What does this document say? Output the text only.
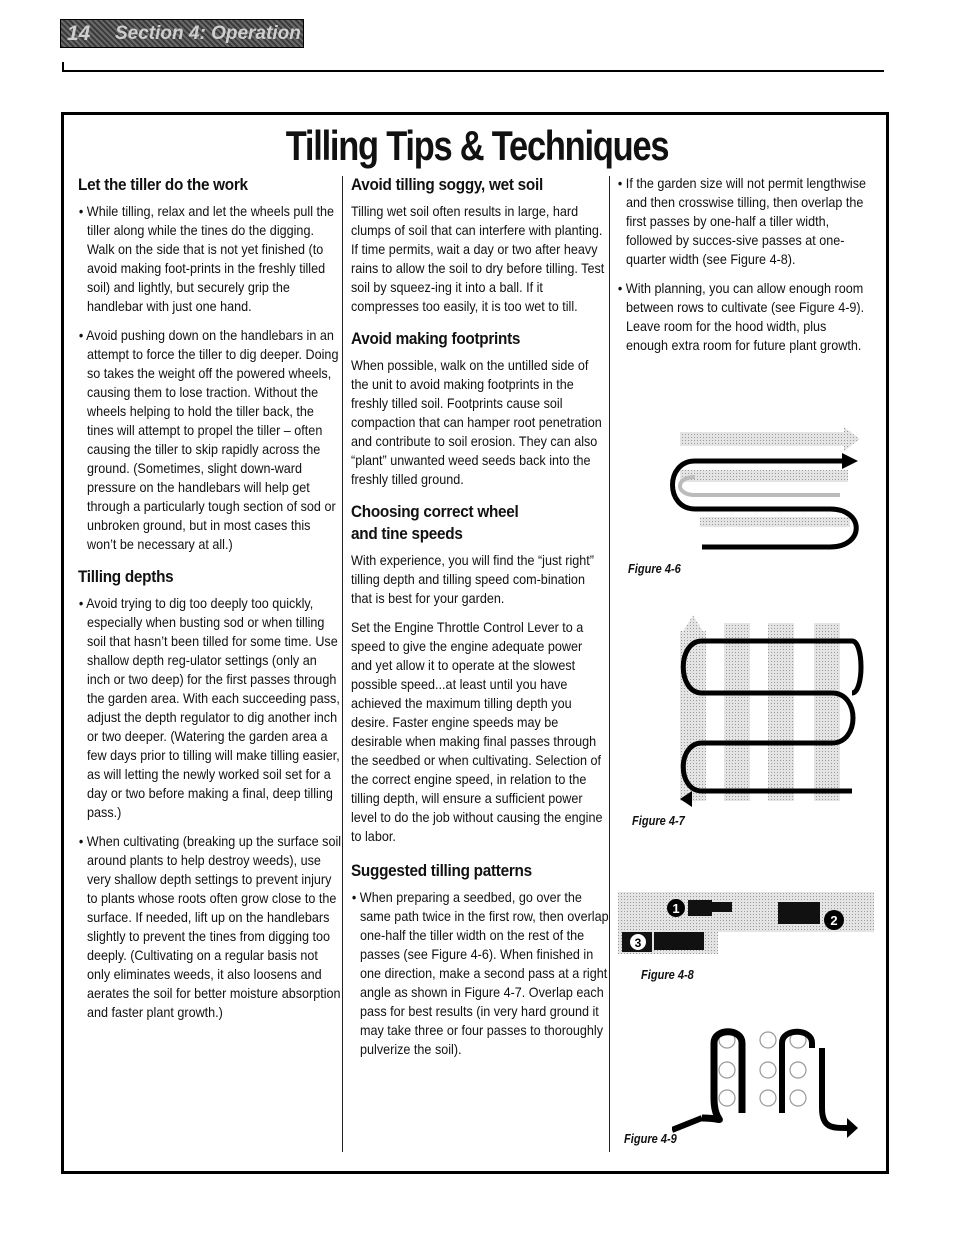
14 Section 4: Operation
Tilling Tips & Techniques
Let the tiller do the work

• While tilling, relax and let the wheels pull the tiller along while the tines do the digging. Walk on the side that is not yet finished (to avoid making foot-prints in the freshly tilled soil) and lightly, but securely grip the handlebar with just one hand.

• Avoid pushing down on the handlebars in an attempt to force the tiller to dig deeper. Doing so takes the weight off the powered wheels, causing them to lose traction. Without the wheels helping to hold the tiller back, the tines will attempt to propel the tiller – often causing the tiller to skip rapidly across the ground. (Sometimes, slight down-ward pressure on the handlebars will help get through a particularly tough section of sod or unbroken ground, but in most cases this won’t be necessary at all.)

Tilling depths

• Avoid trying to dig too deeply too quickly, especially when busting sod or when tilling soil that hasn’t been tilled for some time. Use shallow depth reg-ulator settings (only an inch or two deep) for the first passes through the garden area. With each succeeding pass, adjust the depth regulator to dig another inch or two deeper. (Watering the garden area a few days prior to tilling will make tilling easier, as will letting the newly worked soil set for a day or two before making a final, deep tilling pass.)

• When cultivating (breaking up the surface soil around plants to help destroy weeds), use very shallow depth settings to prevent injury to plants whose roots often grow close to the surface. If needed, lift up on the handlebars slightly to prevent the tines from digging too deeply. (Cultivating on a regular basis not only eliminates weeds, it also loosens and aerates the soil for better moisture absorption and faster plant growth.)

Avoid tilling soggy, wet soil

Tilling wet soil often results in large, hard clumps of soil that can interfere with planting. If time permits, wait a day or two after heavy rains to allow the soil to dry before tilling. Test soil by squeez-ing it into a ball. If it compresses too easily, it is too wet to till.

Avoid making footprints

When possible, walk on the untilled side of the unit to avoid making footprints in the freshly tilled soil. Footprints cause soil compaction that can hamper root penetration and contribute to soil erosion. They can also “plant” unwanted weed seeds back into the freshly tilled ground.

Choosing correct wheel
and tine speeds

With experience, you will find the “just right” tilling depth and tilling speed com-bination that is best for your garden.

Set the Engine Throttle Control Lever to a speed to give the engine adequate power and yet allow it to operate at the slowest possible speed...at least until you have achieved the maximum tilling depth you desire. Faster engine speeds may be desirable when making final passes through the seedbed or when cultivating. Selection of the correct engine speed, in relation to the tilling depth, will ensure a sufficient power level to do the job without causing the engine to labor.

Suggested tilling patterns

• When preparing a seedbed, go over the same path twice in the first row, then overlap one-half the tiller width on the rest of the passes (see Figure 4-6). When finished in one direction, make a second pass at a right angle as shown in Figure 4-7. Overlap each pass for best results (in very hard ground it may take three or four passes to thoroughly pulverize the soil).

• If the garden size will not permit lengthwise and then crosswise tilling, then overlap the first passes by one-half a tiller width, followed by succes-sive passes at one-quarter width (see Figure 4-8).

• With planning, you can allow enough room between rows to cultivate (see Figure 4-9). Leave room for the hood width, plus enough extra room for future plant growth.

Figure 4-6
Figure 4-7
1
2
3
Figure 4-8
Figure 4-9
